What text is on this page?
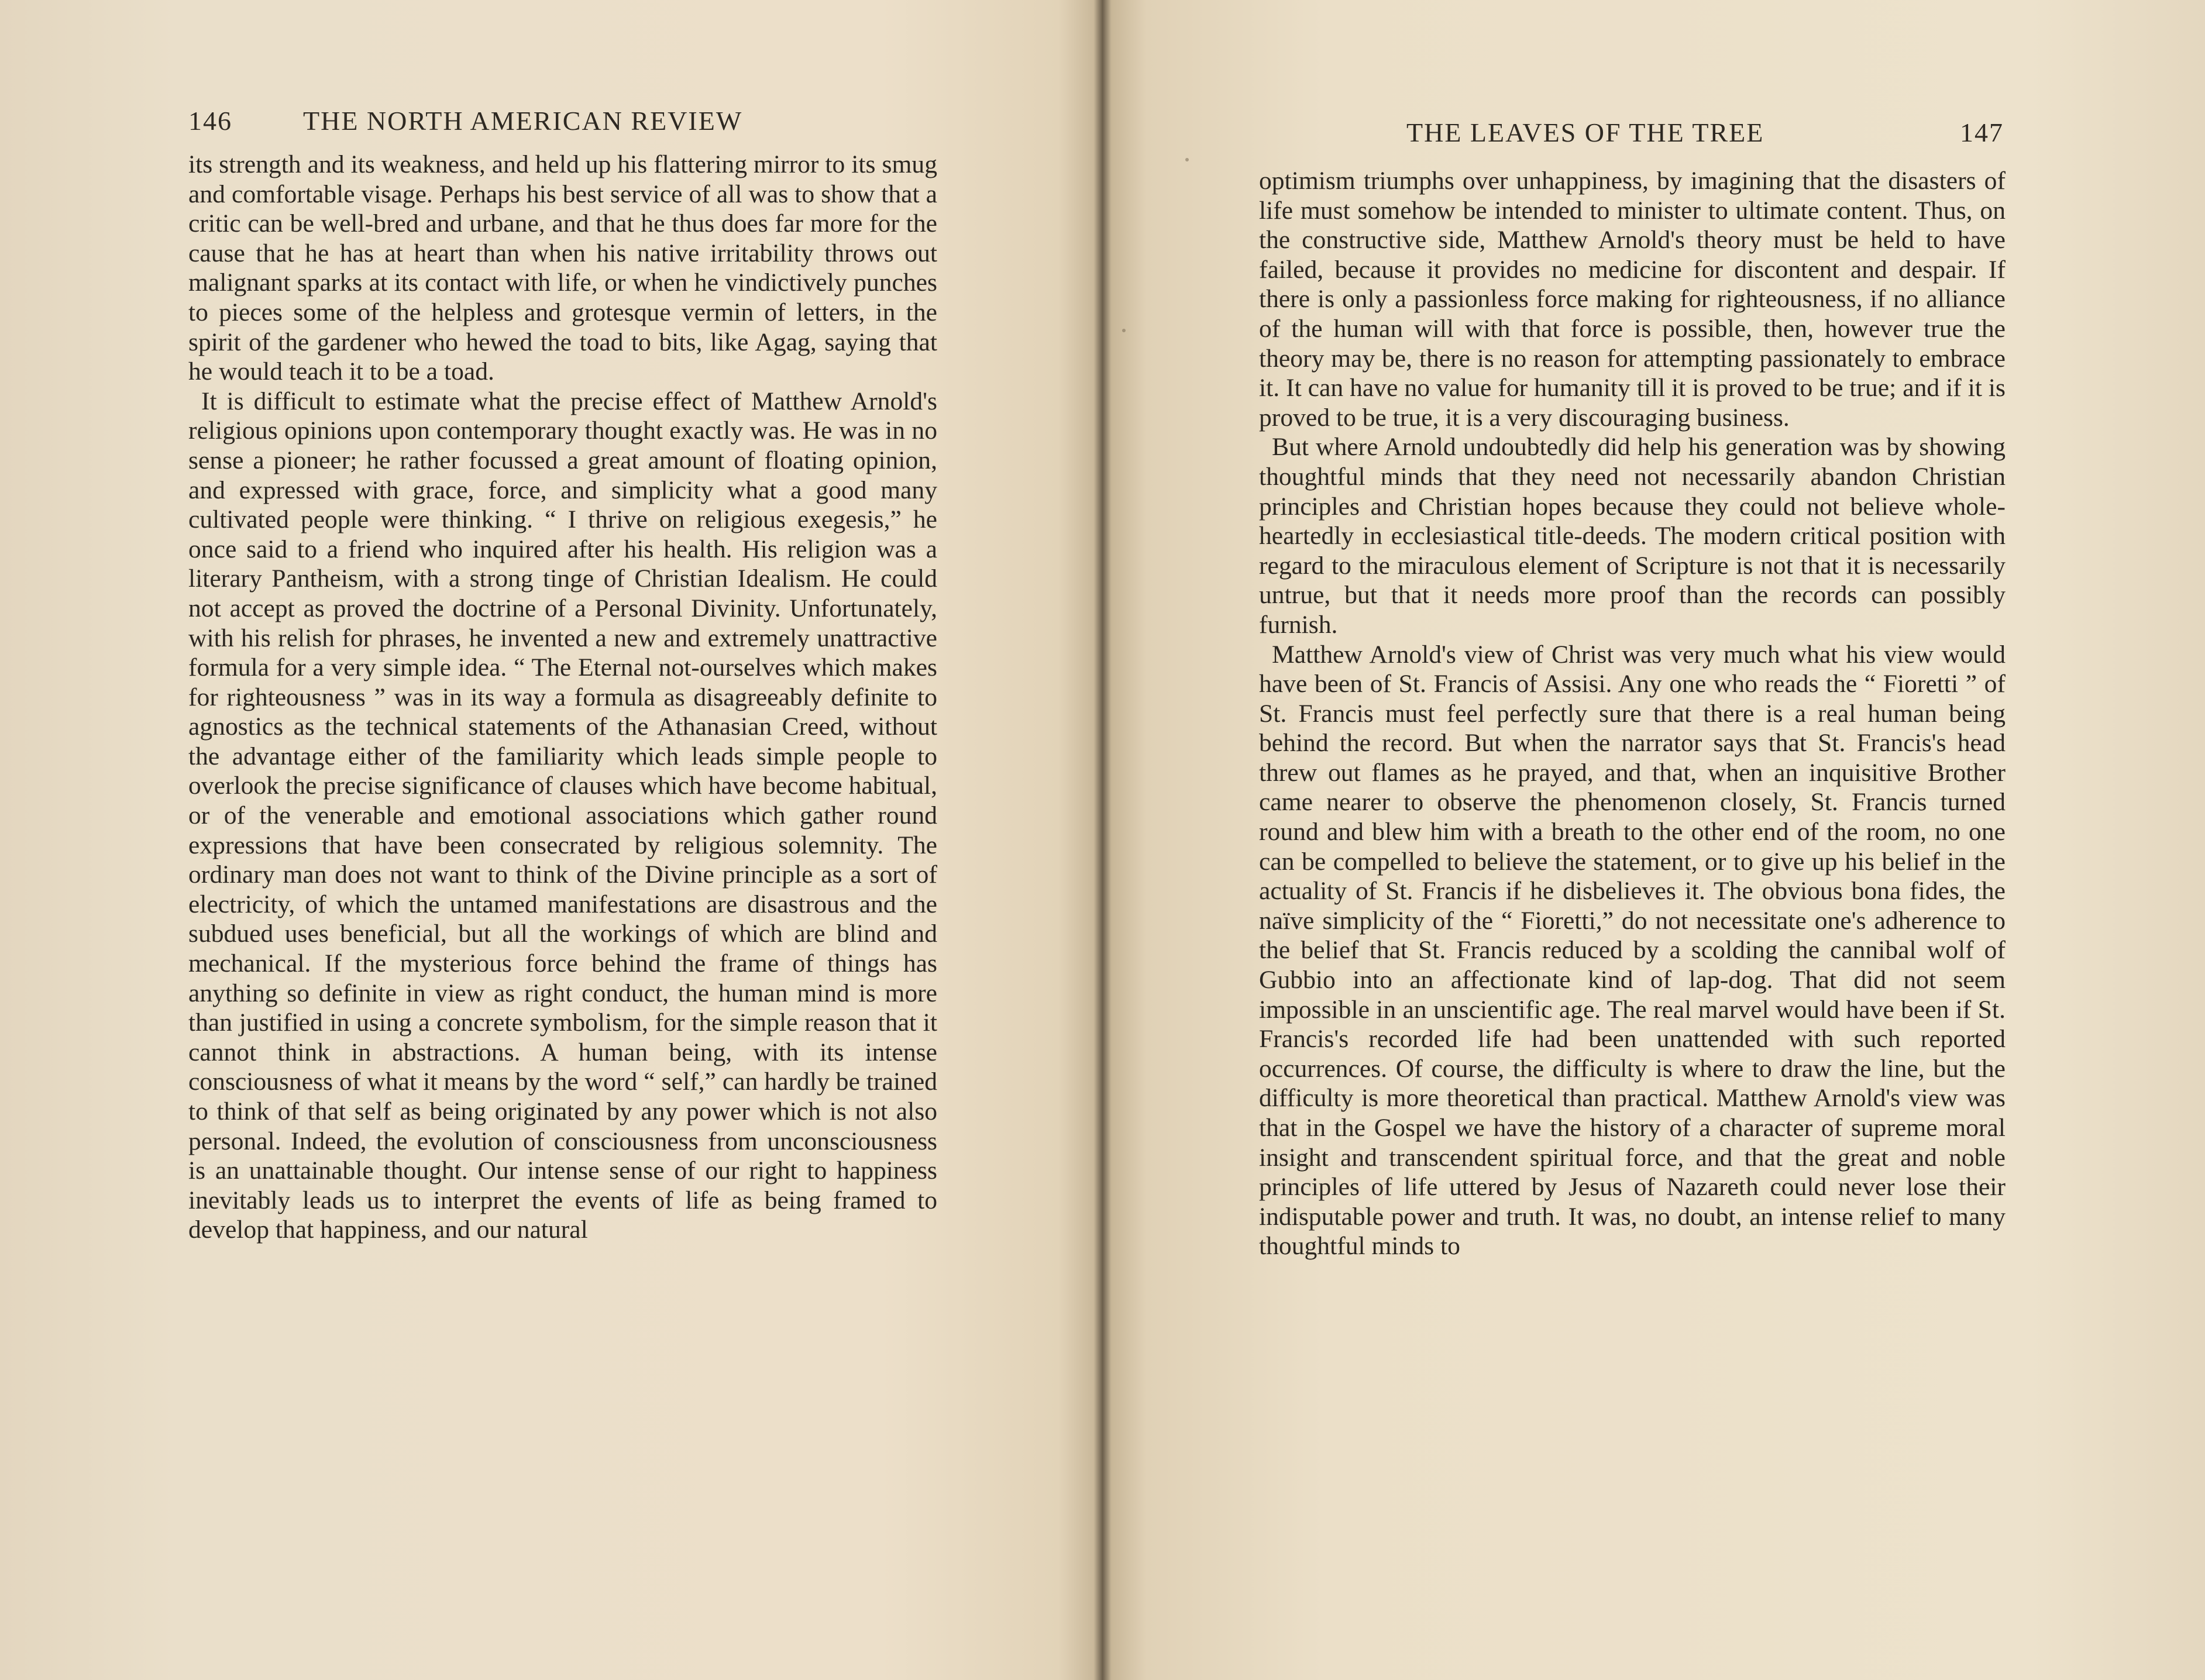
146	THE NORTH AMERICAN REVIEW

its strength and its weakness, and held up his flattering mirror to its smug and comfortable visage. Perhaps his best service of all was to show that a critic can be well-bred and urbane, and that he thus does far more for the cause that he has at heart than when his native irritability throws out malignant sparks at its contact with life, or when he vindictively punches to pieces some of the helpless and grotesque vermin of letters, in the spirit of the gardener who hewed the toad to bits, like Agag, saying that he would teach it to be a toad.

It is difficult to estimate what the precise effect of Matthew Arnold's religious opinions upon contemporary thought exactly was. He was in no sense a pioneer; he rather focussed a great amount of floating opinion, and expressed with grace, force, and simplicity what a good many cultivated people were thinking. “ I thrive on religious exegesis,” he once said to a friend who inquired after his health. His religion was a literary Pantheism, with a strong tinge of Christian Idealism. He could not accept as proved the doctrine of a Personal Divinity. Unfortunately, with his relish for phrases, he invented a new and extremely unattractive formula for a very simple idea. “ The Eternal not-ourselves which makes for righteousness ” was in its way a formula as disagreeably definite to agnostics as the technical statements of the Athanasian Creed, without the advantage either of the familiarity which leads simple people to overlook the precise significance of clauses which have become habitual, or of the venerable and emotional associations which gather round expressions that have been consecrated by religious solemnity. The ordinary man does not want to think of the Divine principle as a sort of electricity, of which the untamed manifestations are disastrous and the subdued uses beneficial, but all the workings of which are blind and mechanical. If the mysterious force behind the frame of things has anything so definite in view as right conduct, the human mind is more than justified in using a concrete symbolism, for the simple reason that it cannot think in abstractions. A human being, with its intense consciousness of what it means by the word “ self,” can hardly be trained to think of that self as being originated by any power which is not also personal. Indeed, the evolution of consciousness from unconsciousness is an unattainable thought. Our intense sense of our right to happiness inevitably leads us to interpret the events of life as being framed to develop that happiness, and our natural

THE LEAVES OF THE TREE	147

optimism triumphs over unhappiness, by imagining that the disasters of life must somehow be intended to minister to ultimate content. Thus, on the constructive side, Matthew Arnold's theory must be held to have failed, because it provides no medicine for discontent and despair. If there is only a passionless force making for righteousness, if no alliance of the human will with that force is possible, then, however true the theory may be, there is no reason for attempting passionately to embrace it. It can have no value for humanity till it is proved to be true; and if it is proved to be true, it is a very discouraging business.

But where Arnold undoubtedly did help his generation was by showing thoughtful minds that they need not necessarily abandon Christian principles and Christian hopes because they could not believe whole-heartedly in ecclesiastical title-deeds. The modern critical position with regard to the miraculous element of Scripture is not that it is necessarily untrue, but that it needs more proof than the records can possibly furnish.

Matthew Arnold's view of Christ was very much what his view would have been of St. Francis of Assisi. Any one who reads the “ Fioretti ” of St. Francis must feel perfectly sure that there is a real human being behind the record. But when the narrator says that St. Francis's head threw out flames as he prayed, and that, when an inquisitive Brother came nearer to observe the phenomenon closely, St. Francis turned round and blew him with a breath to the other end of the room, no one can be compelled to believe the statement, or to give up his belief in the actuality of St. Francis if he disbelieves it. The obvious bona fides, the naïve simplicity of the “ Fioretti,” do not necessitate one's adherence to the belief that St. Francis reduced by a scolding the cannibal wolf of Gubbio into an affectionate kind of lap-dog. That did not seem impossible in an unscientific age. The real marvel would have been if St. Francis's recorded life had been unattended with such reported occurrences. Of course, the difficulty is where to draw the line, but the difficulty is more theoretical than practical. Matthew Arnold's view was that in the Gospel we have the history of a character of supreme moral insight and transcendent spiritual force, and that the great and noble principles of life uttered by Jesus of Nazareth could never lose their indisputable power and truth. It was, no doubt, an intense relief to many thoughtful minds to
